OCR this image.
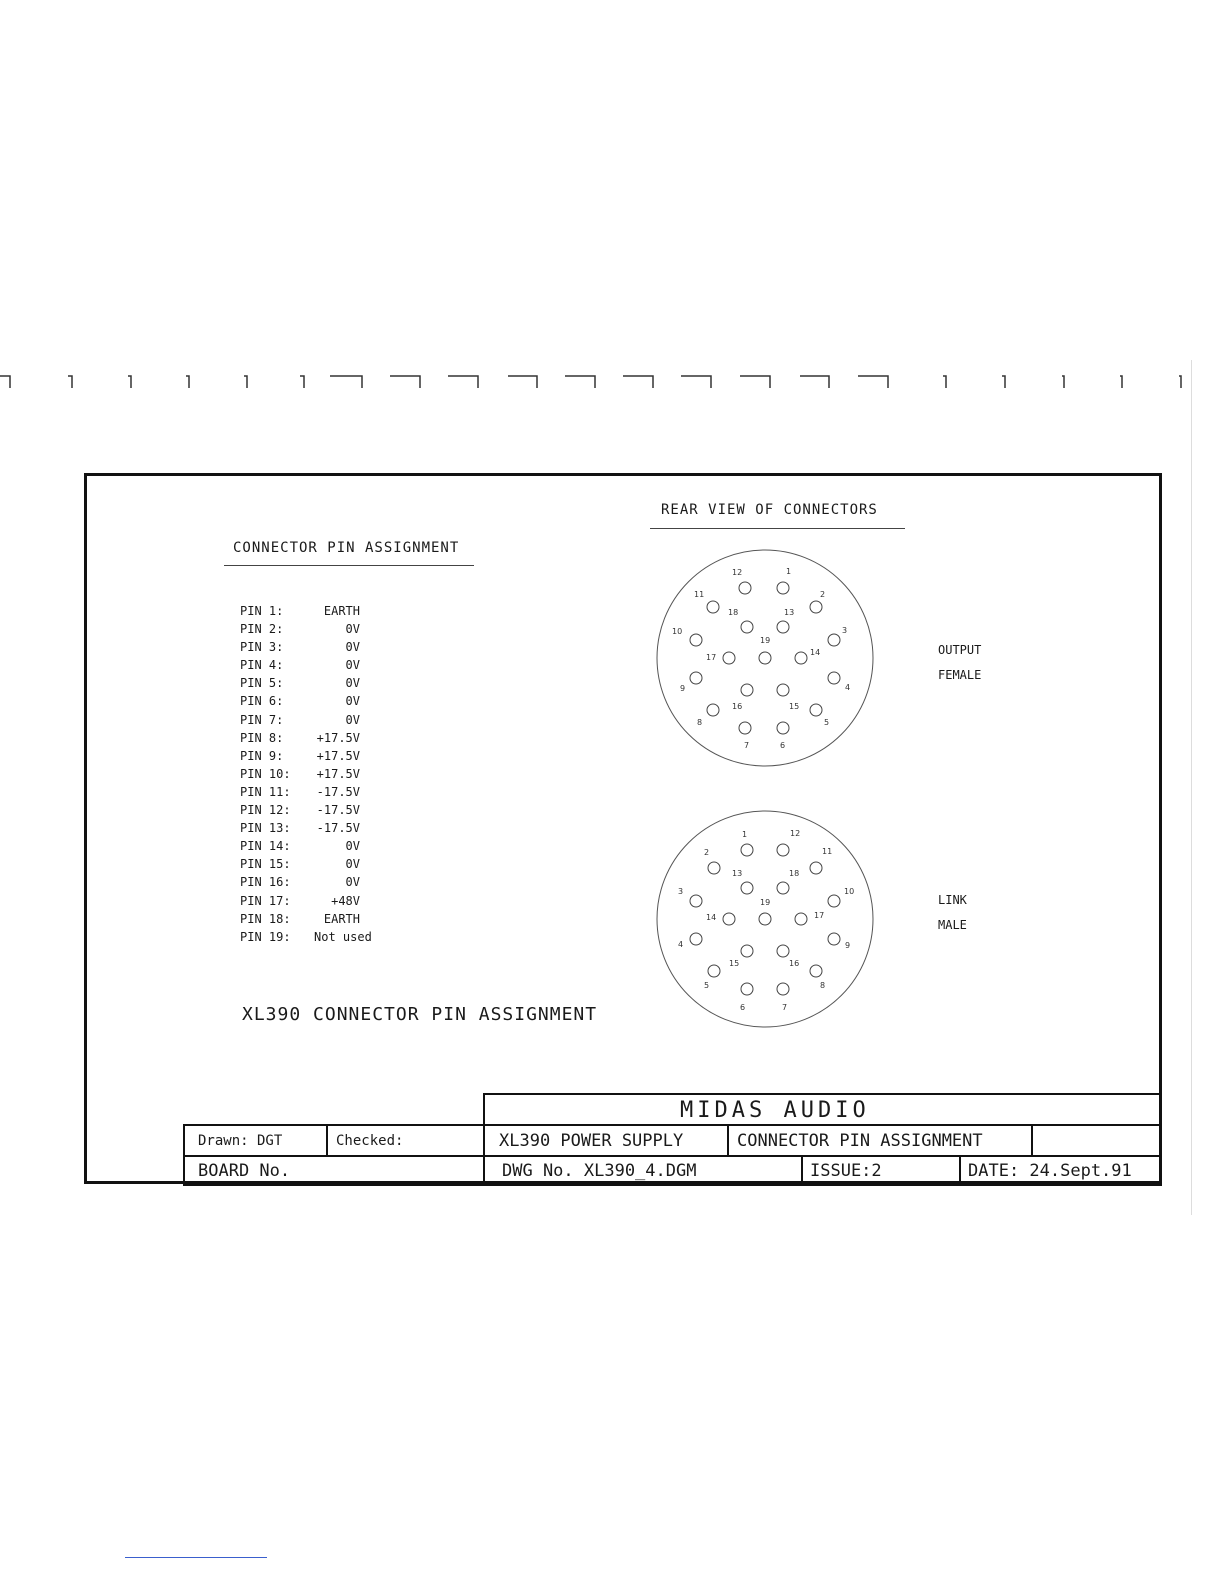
CONNECTOR PIN ASSIGNMENT
REAR VIEW OF CONNECTORS
PIN 1:	EARTH
PIN 2:	0V
PIN 3:	0V
PIN 4:	0V
PIN 5:	0V
PIN 6:	0V
PIN 7:	0V
PIN 8:	+17.5V
PIN 9:	+17.5V
PIN 10:	+17.5V
PIN 11:	-17.5V
PIN 12:	-17.5V
PIN 13:	-17.5V
PIN 14:	0V
PIN 15:	0V
PIN 16:	0V
PIN 17:	+48V
PIN 18:	EARTH
PIN 19:	Not used
XL390 CONNECTOR PIN ASSIGNMENT
12	1
11
18	13
2
10
19
3
17
14
9	4
16	15
8	5
7	6
OUTPUT
FEMALE
1	12
2
13	18
11
3
19
10
14	17
4	9
15	16
5	8
6	7
LINK
MALE
MIDAS AUDIO
Drawn: DGT	Checked:	XL390 POWER SUPPLY	CONNECTOR PIN ASSIGNMENT
BOARD No.	DWG No. XL390_4.DGM	ISSUE:2	DATE: 24.Sept.91
